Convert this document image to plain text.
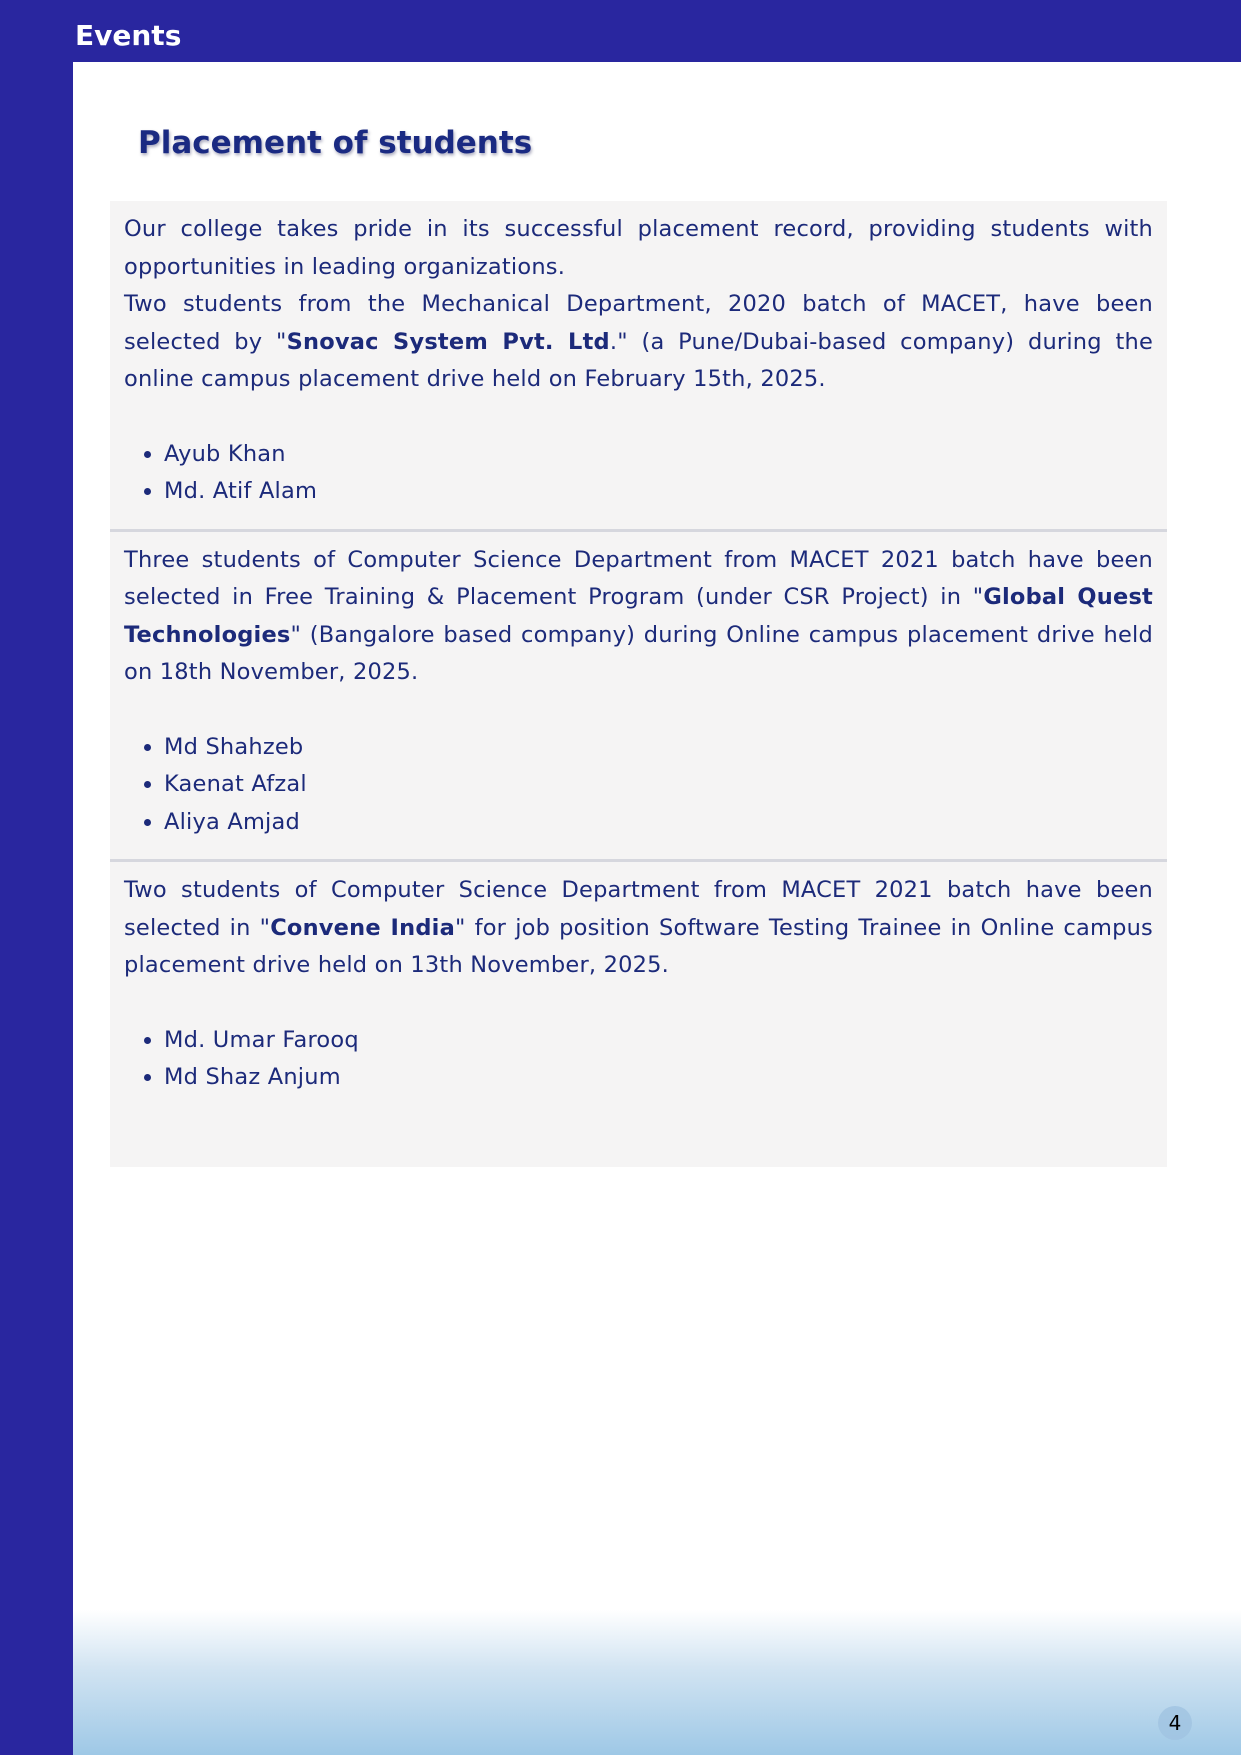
Events
Placement of students

Our college takes pride in its successful placement record, providing students with opportunities in leading organizations.

Two students from the Mechanical Department, 2020 batch of MACET, have been selected by "Snovac System Pvt. Ltd." (a Pune/Dubai-based company) during the online campus placement drive held on February 15th, 2025.

• Ayub Khan
• Md. Atif Alam

Three students of Computer Science Department from MACET 2021 batch have been selected in Free Training & Placement Program (under CSR Project) in "Global Quest Technologies" (Bangalore based company) during Online campus placement drive held on 18th November, 2025.

• Md Shahzeb
• Kaenat Afzal
• Aliya Amjad

Two students of Computer Science Department from MACET 2021 batch have been selected in "Convene India" for job position Software Testing Trainee in Online campus placement drive held on 13th November, 2025.

• Md. Umar Farooq
• Md Shaz Anjum
4
